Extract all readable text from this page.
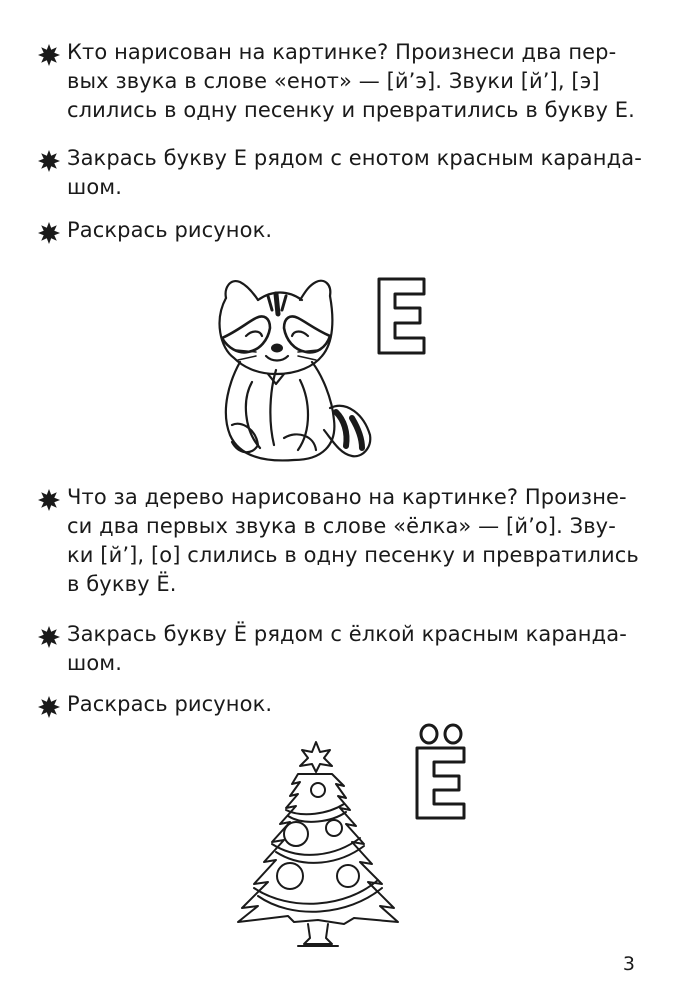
Кто нарисован на картинке? Произнеси два пер-
вых звука в слове «енот» — [й’э]. Звуки [й’], [э]
слились в одну песенку и превратились в букву Е.
Закрась букву Е рядом с енотом красным каранда-
шом.
Раскрась рисунок.
Что за дерево нарисовано на картинке? Произне-
си два первых звука в слове «ёлка» — [й’о]. Зву-
ки [й’], [о] слились в одну песенку и превратились
в букву Ё.
Закрась букву Ё рядом с ёлкой красным каранда-
шом.
Раскрась рисунок.
3
